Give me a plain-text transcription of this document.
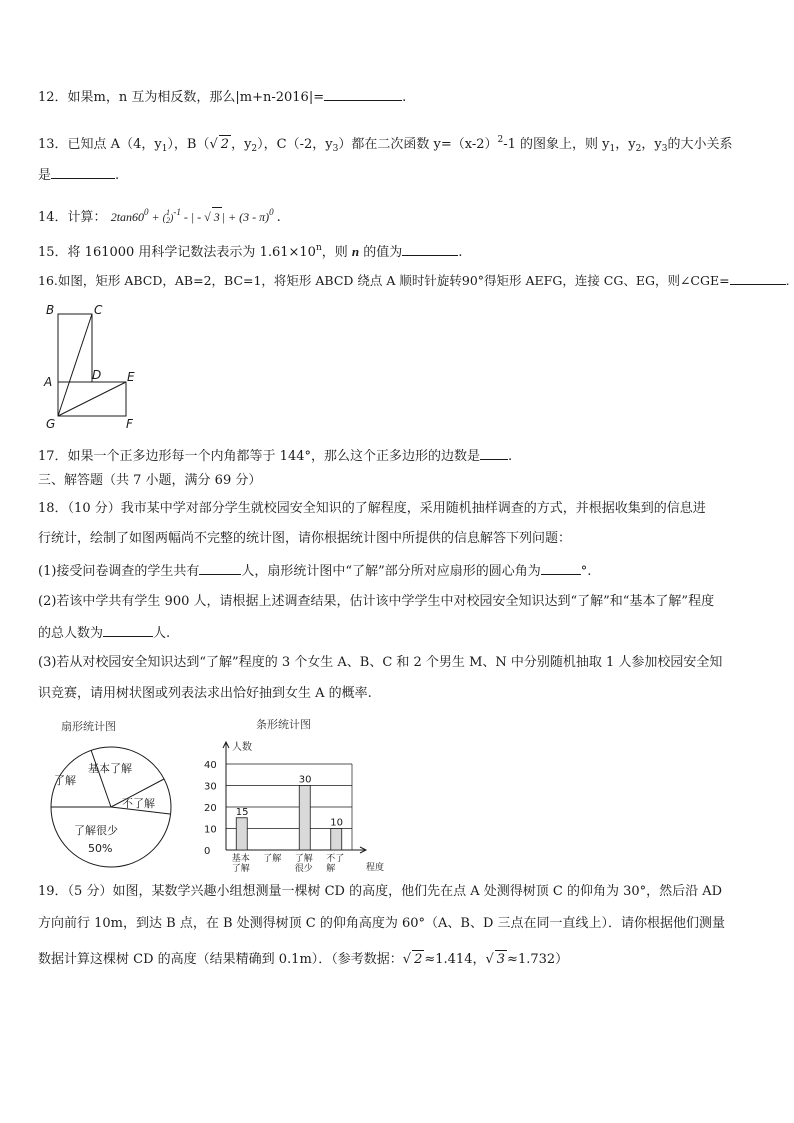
12．如果m，n 互为相反数，那么|m+n-2016|=	.
13．已知点 A（4，$y_1$），B（√ 2 ，$y_2$），C（-2，$y_3$）都在二次函数 $y=(x-2)^2-1$ 的图象上，则 $y_1$，$y_2$，$y_3$的大小关系
是	.
14．计算： $2\tan 60^0 + (1$
2)$^{-1}$ - | - √ 3 | + (3 - π)$^0$ .
15．将 161000 用科学记数法表示为 $1.61\times 10^n$，则 n 的值为	.
16.如图，矩形 ABCD，AB=2，BC=1，将矩形 ABCD 绕点 A 顺时针旋转90°得矩形 AEFG，连接 CG、EG，则∠CGE=	.
B	C
A	D E
G	F
17．如果一个正多边形每一个内角都等于 144°，那么这个正多边形的边数是 .
三、解答题（共 7 小题，满分 69 分）
18．（10 分）我市某中学对部分学生就校园安全知识的了解程度，采用随机抽样调查的方式，并根据收集到的信息进
行统计，绘制了如图两幅尚不完整的统计图，请你根据统计图中所提供的信息解答下列问题：
(1)接受问卷调查的学生共有	人，扇形统计图中“了解”部分所对应扇形的圆心角为	°.
(2)若该中学共有学生 900 人，请根据上述调查结果，估计该中学学生中对校园安全知识达到“了解”和“基本了解”程度
的总人数为	人.
(3)若从对校园安全知识达到“了解”程度的 3 个女生 A、B、C 和 2 个男生 M、N 中分别随机抽取 1 人参加校园安全知
识竞赛，请用树状图或列表法求出恰好抽到女生 A 的概率.
扇形统计图
基本了解
了解
不了解
了解很少
50%
条形统计图
人数
0
10
20
30
40
15
基本
了解
了解
30
了解
很少
10
不了
解	程度
19．（5 分）如图，某数学兴趣小组想测量一棵树 CD 的高度，他们先在点 A 处测得树顶 C 的仰角为 30°，然后沿 AD
方向前行 10m，到达 B 点，在 B 处测得树顶 C 的仰角高度为 60°（A、B、D 三点在同一直线上）．请你根据他们测量
数据计算这棵树 CD 的高度（结果精确到 0.1m）．（参考数据：√ 2 ≈1.414，√ 3 ≈1.732）
